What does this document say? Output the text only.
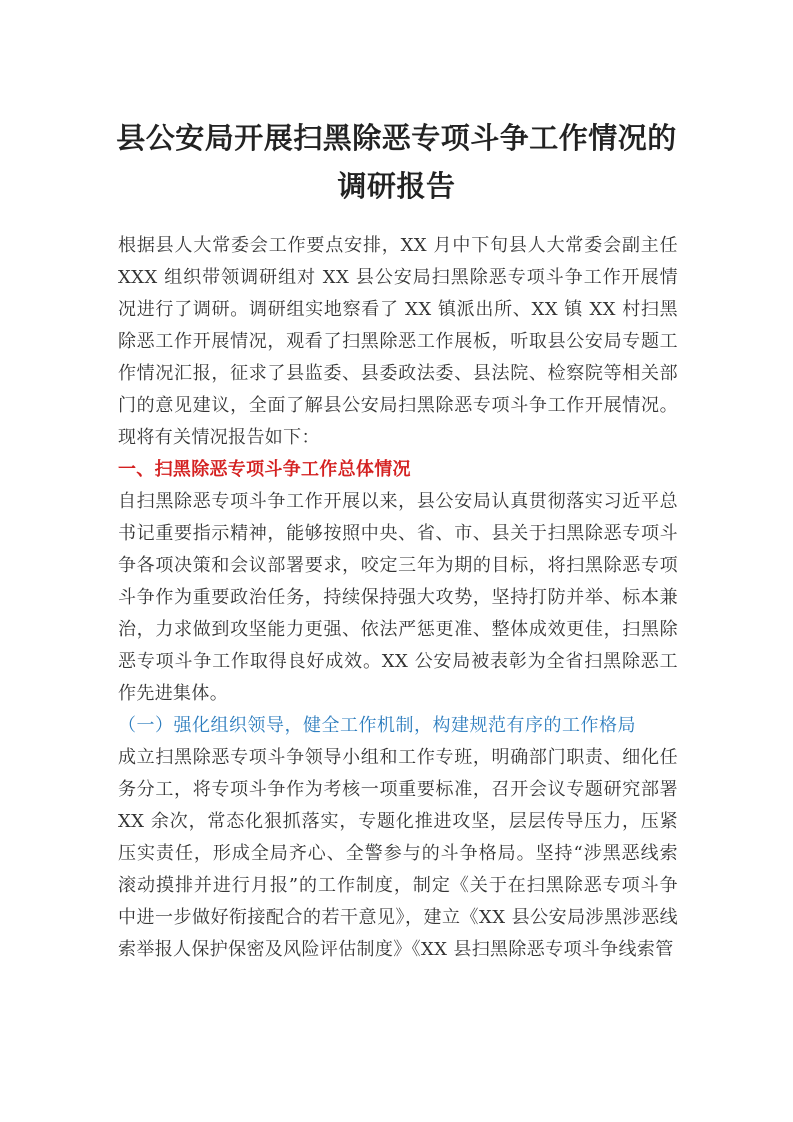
县公安局开展扫黑除恶专项斗争工作情况的
调研报告

根据县人大常委会工作要点安排，XX 月中下旬县人大常委会副主任 XXX 组织带领调研组对 XX 县公安局扫黑除恶专项斗争工作开展情况进行了调研。调研组实地察看了 XX 镇派出所、XX 镇 XX 村扫黑除恶工作开展情况，观看了扫黑除恶工作展板，听取县公安局专题工作情况汇报，征求了县监委、县委政法委、县法院、检察院等相关部门的意见建议，全面了解县公安局扫黑除恶专项斗争工作开展情况。现将有关情况报告如下：

一、扫黑除恶专项斗争工作总体情况

自扫黑除恶专项斗争工作开展以来，县公安局认真贯彻落实习近平总书记重要指示精神，能够按照中央、省、市、县关于扫黑除恶专项斗争各项决策和会议部署要求，咬定三年为期的目标，将扫黑除恶专项斗争作为重要政治任务，持续保持强大攻势，坚持打防并举、标本兼治，力求做到攻坚能力更强、依法严惩更准、整体成效更佳，扫黑除恶专项斗争工作取得良好成效。XX 公安局被表彰为全省扫黑除恶工作先进集体。

（一）强化组织领导，健全工作机制，构建规范有序的工作格局

成立扫黑除恶专项斗争领导小组和工作专班，明确部门职责、细化任务分工，将专项斗争作为考核一项重要标准，召开会议专题研究部署 XX 余次，常态化狠抓落实，专题化推进攻坚，层层传导压力，压紧压实责任，形成全局齐心、全警参与的斗争格局。坚持“涉黑恶线索滚动摸排并进行月报”的工作制度，制定《关于在扫黑除恶专项斗争中进一步做好衔接配合的若干意见》，建立《XX 县公安局涉黑涉恶线索举报人保护保密及风险评估制度》《XX 县扫黑除恶专项斗争线索管
